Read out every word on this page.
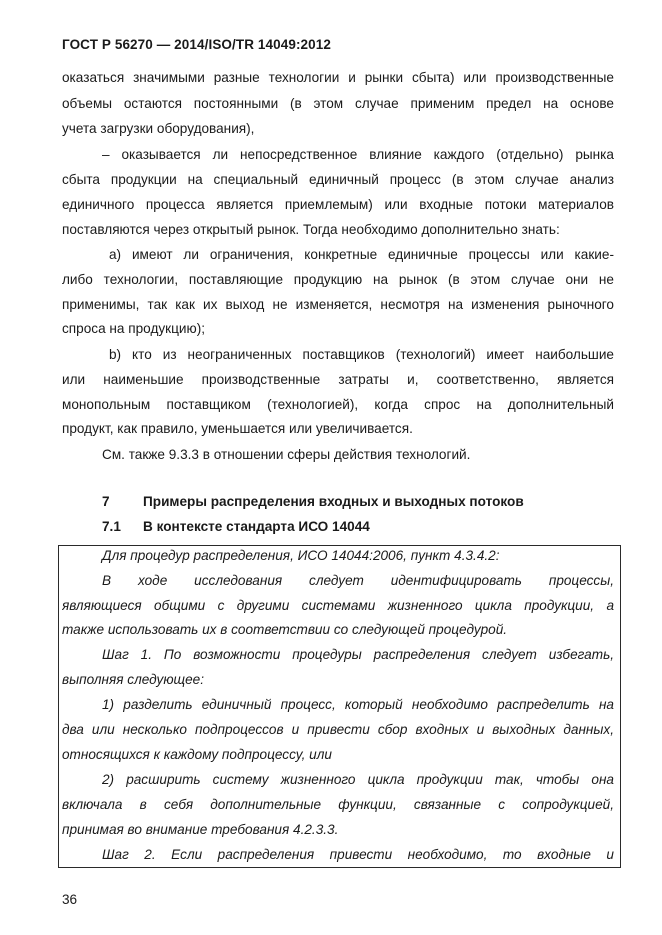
ГОСТ Р 56270 — 2014/ISO/TR 14049:2012
оказаться значимыми разные технологии и рынки сбыта) или производственные
объемы остаются постоянными (в этом случае применим предел на основе
учета загрузки оборудования),
– оказывается ли непосредственное влияние каждого (отдельно) рынка
сбыта продукции на специальный единичный процесс (в этом случае анализ
единичного процесса является приемлемым) или входные потоки материалов
поставляются через открытый рынок. Тогда необходимо дополнительно знать:
a) имеют ли ограничения, конкретные единичные процессы или какие-
либо технологии, поставляющие продукцию на рынок (в этом случае они не
применимы, так как их выход не изменяется, несмотря на изменения рыночного
спроса на продукцию);
b) кто из неограниченных поставщиков (технологий) имеет наибольшие
или наименьшие производственные затраты и, соответственно, является
монопольным поставщиком (технологией), когда спрос на дополнительный
продукт, как правило, уменьшается или увеличивается.
См. также 9.3.3 в отношении сферы действия технологий.
7 Примеры распределения входных и выходных потоков
7.1 В контексте стандарта ИСО 14044
Для процедур распределения, ИСО 14044:2006, пункт 4.3.4.2:
В ходе исследования следует идентифицировать процессы,
являющиеся общими с другими системами жизненного цикла продукции, а
также использовать их в соответствии со следующей процедурой.
Шаг 1. По возможности процедуры распределения следует избегать,
выполняя следующее:
1) разделить единичный процесс, который необходимо распределить на
два или несколько подпроцессов и привести сбор входных и выходных данных,
относящихся к каждому подпроцессу, или
2) расширить систему жизненного цикла продукции так, чтобы она
включала в себя дополнительные функции, связанные с сопродукцией,
принимая во внимание требования 4.2.3.3.
Шаг 2. Если распределения привести необходимо, то входные и
36
